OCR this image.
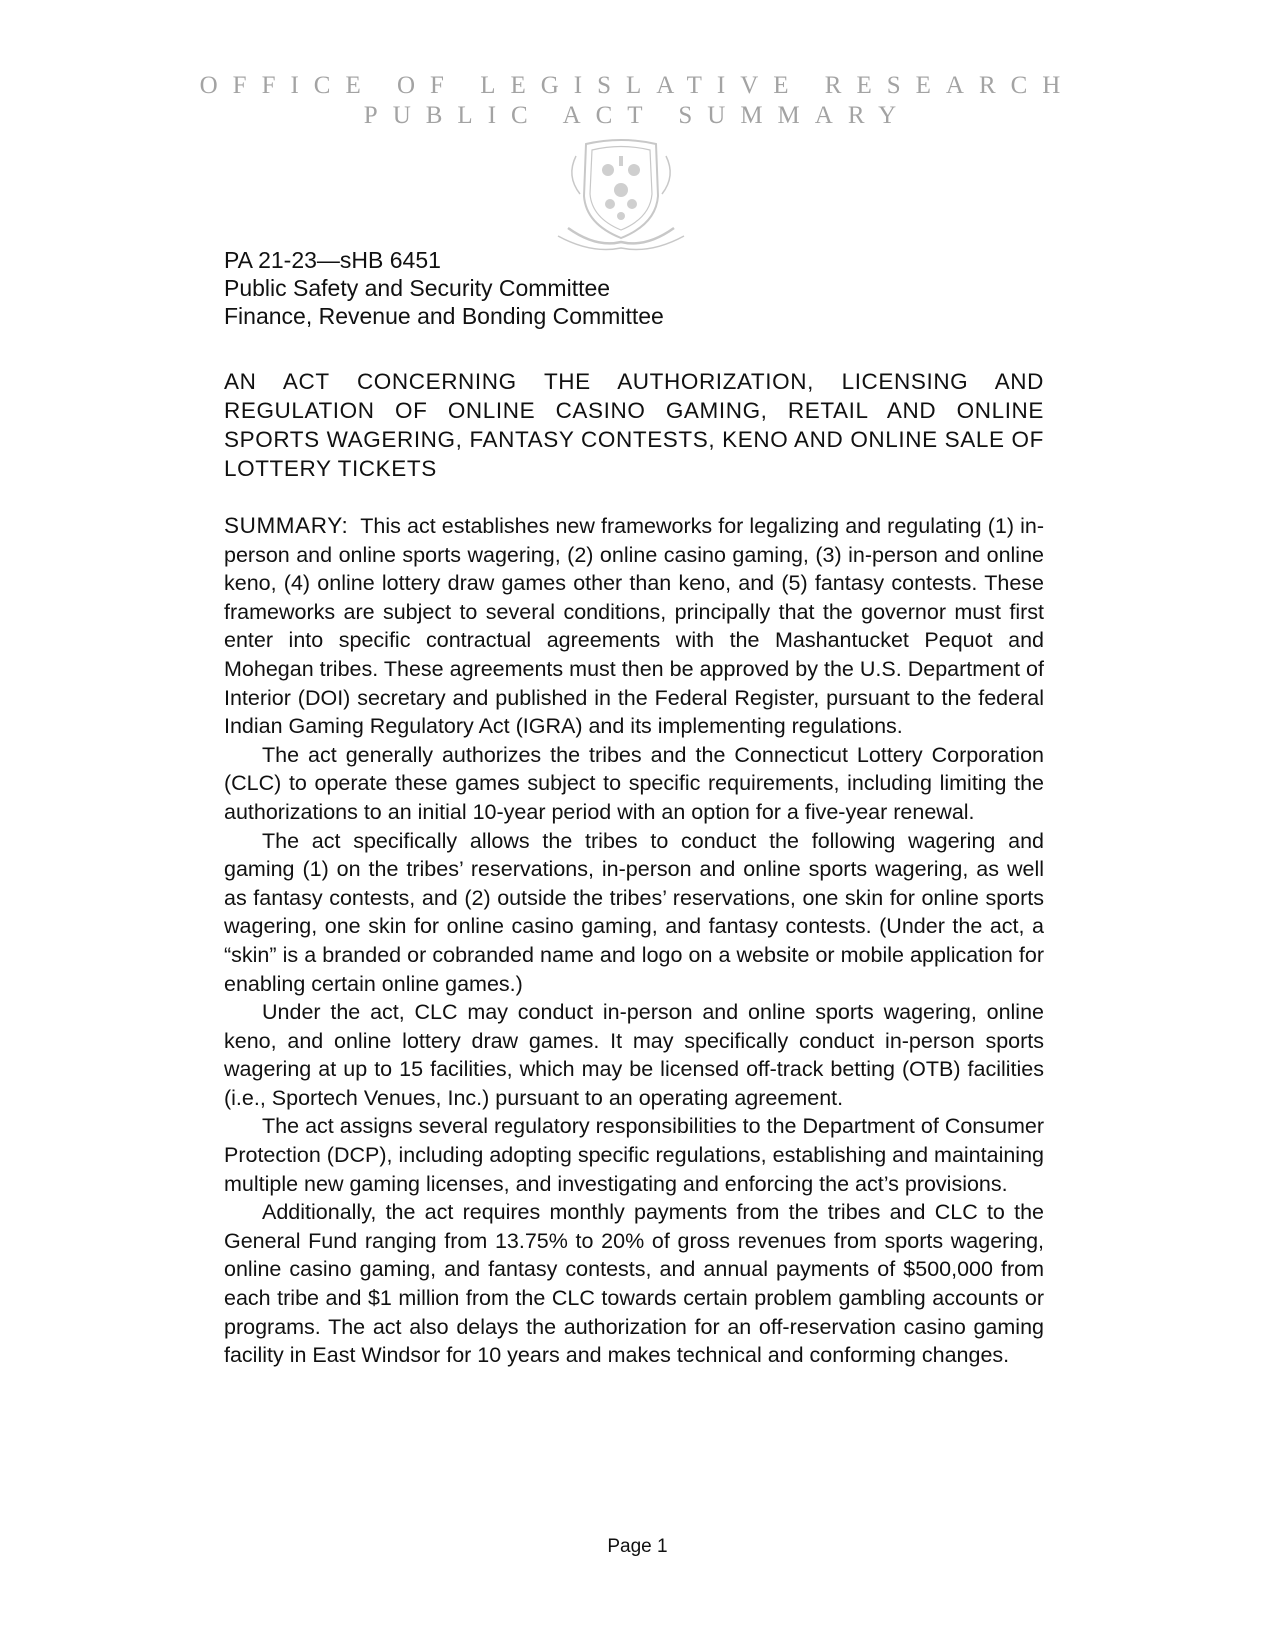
OFFICE OF LEGISLATIVE RESEARCH
PUBLIC ACT SUMMARY
PA 21-23—sHB 6451
Public Safety and Security Committee
Finance, Revenue and Bonding Committee
AN ACT CONCERNING THE AUTHORIZATION, LICENSING AND REGULATION OF ONLINE CASINO GAMING, RETAIL AND ONLINE SPORTS WAGERING, FANTASY CONTESTS, KENO AND ONLINE SALE OF LOTTERY TICKETS

SUMMARY: This act establishes new frameworks for legalizing and regulating (1) in-person and online sports wagering, (2) online casino gaming, (3) in-person and online keno, (4) online lottery draw games other than keno, and (5) fantasy contests. These frameworks are subject to several conditions, principally that the governor must first enter into specific contractual agreements with the Mashantucket Pequot and Mohegan tribes. These agreements must then be approved by the U.S. Department of Interior (DOI) secretary and published in the Federal Register, pursuant to the federal Indian Gaming Regulatory Act (IGRA) and its implementing regulations.

The act generally authorizes the tribes and the Connecticut Lottery Corporation (CLC) to operate these games subject to specific requirements, including limiting the authorizations to an initial 10-year period with an option for a five-year renewal.

The act specifically allows the tribes to conduct the following wagering and gaming (1) on the tribes’ reservations, in-person and online sports wagering, as well as fantasy contests, and (2) outside the tribes’ reservations, one skin for online sports wagering, one skin for online casino gaming, and fantasy contests. (Under the act, a “skin” is a branded or cobranded name and logo on a website or mobile application for enabling certain online games.)

Under the act, CLC may conduct in-person and online sports wagering, online keno, and online lottery draw games. It may specifically conduct in-person sports wagering at up to 15 facilities, which may be licensed off-track betting (OTB) facilities (i.e., Sportech Venues, Inc.) pursuant to an operating agreement.

The act assigns several regulatory responsibilities to the Department of Consumer Protection (DCP), including adopting specific regulations, establishing and maintaining multiple new gaming licenses, and investigating and enforcing the act’s provisions.

Additionally, the act requires monthly payments from the tribes and CLC to the General Fund ranging from 13.75% to 20% of gross revenues from sports wagering, online casino gaming, and fantasy contests, and annual payments of $500,000 from each tribe and $1 million from the CLC towards certain problem gambling accounts or programs. The act also delays the authorization for an off-reservation casino gaming facility in East Windsor for 10 years and makes technical and conforming changes.

Page 1
